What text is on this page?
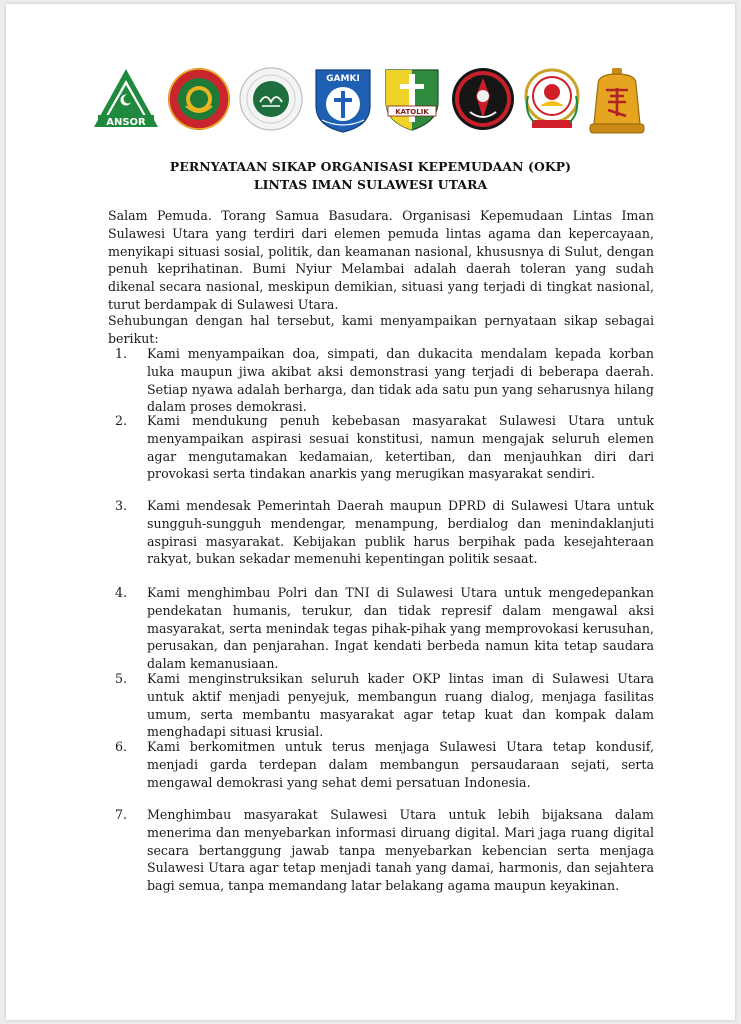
ANSOR
GAMKI
KATOLIK
PERNYATAAN SIKAP ORGANISASI KEPEMUDAAN (OKP)
LINTAS IMAN SULAWESI UTARA
Salam Pemuda. Torang Samua Basudara. Organisasi Kepemudaan Lintas Iman Sulawesi Utara yang terdiri dari elemen pemuda lintas agama dan kepercayaan, menyikapi situasi sosial, politik, dan keamanan nasional, khususnya di Sulut, dengan penuh keprihatinan. Bumi Nyiur Melambai adalah daerah toleran yang sudah dikenal secara nasional, meskipun demikian, situasi yang terjadi di tingkat nasional, turut berdampak di Sulawesi Utara.
Sehubungan dengan hal tersebut, kami menyampaikan pernyataan sikap sebagai berikut:
1. Kami menyampaikan doa, simpati, dan dukacita mendalam kepada korban luka maupun jiwa akibat aksi demonstrasi yang terjadi di beberapa daerah. Setiap nyawa adalah berharga, dan tidak ada satu pun yang seharusnya hilang dalam proses demokrasi.
2. Kami mendukung penuh kebebasan masyarakat Sulawesi Utara untuk menyampaikan aspirasi sesuai konstitusi, namun mengajak seluruh elemen agar mengutamakan kedamaian, ketertiban, dan menjauhkan diri dari provokasi serta tindakan anarkis yang merugikan masyarakat sendiri.
3. Kami mendesak Pemerintah Daerah maupun DPRD di Sulawesi Utara untuk sungguh-sungguh mendengar, menampung, berdialog dan menindaklanjuti aspirasi masyarakat. Kebijakan publik harus berpihak pada kesejahteraan rakyat, bukan sekadar memenuhi kepentingan politik sesaat.
4. Kami menghimbau Polri dan TNI di Sulawesi Utara untuk mengedepankan pendekatan humanis, terukur, dan tidak represif dalam mengawal aksi masyarakat, serta menindak tegas pihak-pihak yang memprovokasi kerusuhan, perusakan, dan penjarahan. Ingat kendati berbeda namun kita tetap saudara dalam kemanusiaan.
5. Kami menginstruksikan seluruh kader OKP lintas iman di Sulawesi Utara untuk aktif menjadi penyejuk, membangun ruang dialog, menjaga fasilitas umum, serta membantu masyarakat agar tetap kuat dan kompak dalam menghadapi situasi krusial.
6. Kami berkomitmen untuk terus menjaga Sulawesi Utara tetap kondusif, menjadi garda terdepan dalam membangun persaudaraan sejati, serta mengawal demokrasi yang sehat demi persatuan Indonesia.
7. Menghimbau masyarakat Sulawesi Utara untuk lebih bijaksana dalam menerima dan menyebarkan informasi diruang digital. Mari jaga ruang digital secara bertanggung jawab tanpa menyebarkan kebencian serta menjaga Sulawesi Utara agar tetap menjadi tanah yang damai, harmonis, dan sejahtera bagi semua, tanpa memandang latar belakang agama maupun keyakinan.
